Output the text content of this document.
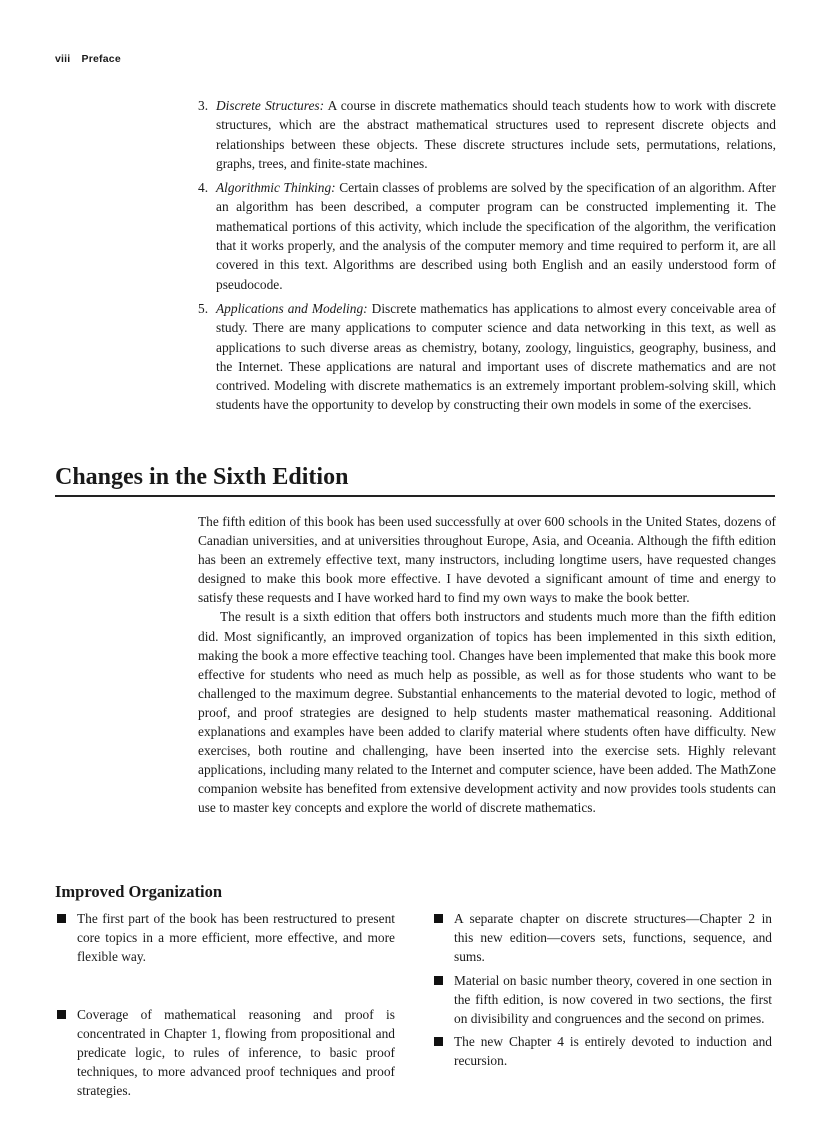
viii Preface
3. Discrete Structures: A course in discrete mathematics should teach students how to work with discrete structures, which are the abstract mathematical structures used to represent discrete objects and relationships between these objects. These discrete structures include sets, permutations, relations, graphs, trees, and finite-state machines.
4. Algorithmic Thinking: Certain classes of problems are solved by the specification of an algorithm. After an algorithm has been described, a computer program can be constructed implementing it. The mathematical portions of this activity, which include the specification of the algorithm, the verification that it works properly, and the analysis of the computer memory and time required to perform it, are all covered in this text. Algorithms are described using both English and an easily understood form of pseudocode.
5. Applications and Modeling: Discrete mathematics has applications to almost every conceivable area of study. There are many applications to computer science and data networking in this text, as well as applications to such diverse areas as chemistry, botany, zoology, linguistics, geography, business, and the Internet. These applications are natural and important uses of discrete mathematics and are not contrived. Modeling with discrete mathematics is an extremely important problem-solving skill, which students have the opportunity to develop by constructing their own models in some of the exercises.
Changes in the Sixth Edition

The fifth edition of this book has been used successfully at over 600 schools in the United States, dozens of Canadian universities, and at universities throughout Europe, Asia, and Oceania. Although the fifth edition has been an extremely effective text, many instructors, including longtime users, have requested changes designed to make this book more effective. I have devoted a significant amount of time and energy to satisfy these requests and I have worked hard to find my own ways to make the book better.

The result is a sixth edition that offers both instructors and students much more than the fifth edition did. Most significantly, an improved organization of topics has been implemented in this sixth edition, making the book a more effective teaching tool. Changes have been implemented that make this book more effective for students who need as much help as possible, as well as for those students who want to be challenged to the maximum degree. Substantial enhancements to the material devoted to logic, method of proof, and proof strategies are designed to help students master mathematical reasoning. Additional explanations and examples have been added to clarify material where students often have difficulty. New exercises, both routine and challenging, have been inserted into the exercise sets. Highly relevant applications, including many related to the Internet and computer science, have been added. The MathZone companion website has benefited from extensive development activity and now provides tools students can use to master key concepts and explore the world of discrete mathematics.

Improved Organization
The first part of the book has been restructured to present core topics in a more efficient, more effective, and more flexible way.
Coverage of mathematical reasoning and proof is concentrated in Chapter 1, flowing from propositional and predicate logic, to rules of inference, to basic proof techniques, to more advanced proof techniques and proof strategies.
A separate chapter on discrete structures—Chapter 2 in this new edition—covers sets, functions, sequence, and sums.
Material on basic number theory, covered in one section in the fifth edition, is now covered in two sections, the first on divisibility and congruences and the second on primes.
The new Chapter 4 is entirely devoted to induction and recursion.
